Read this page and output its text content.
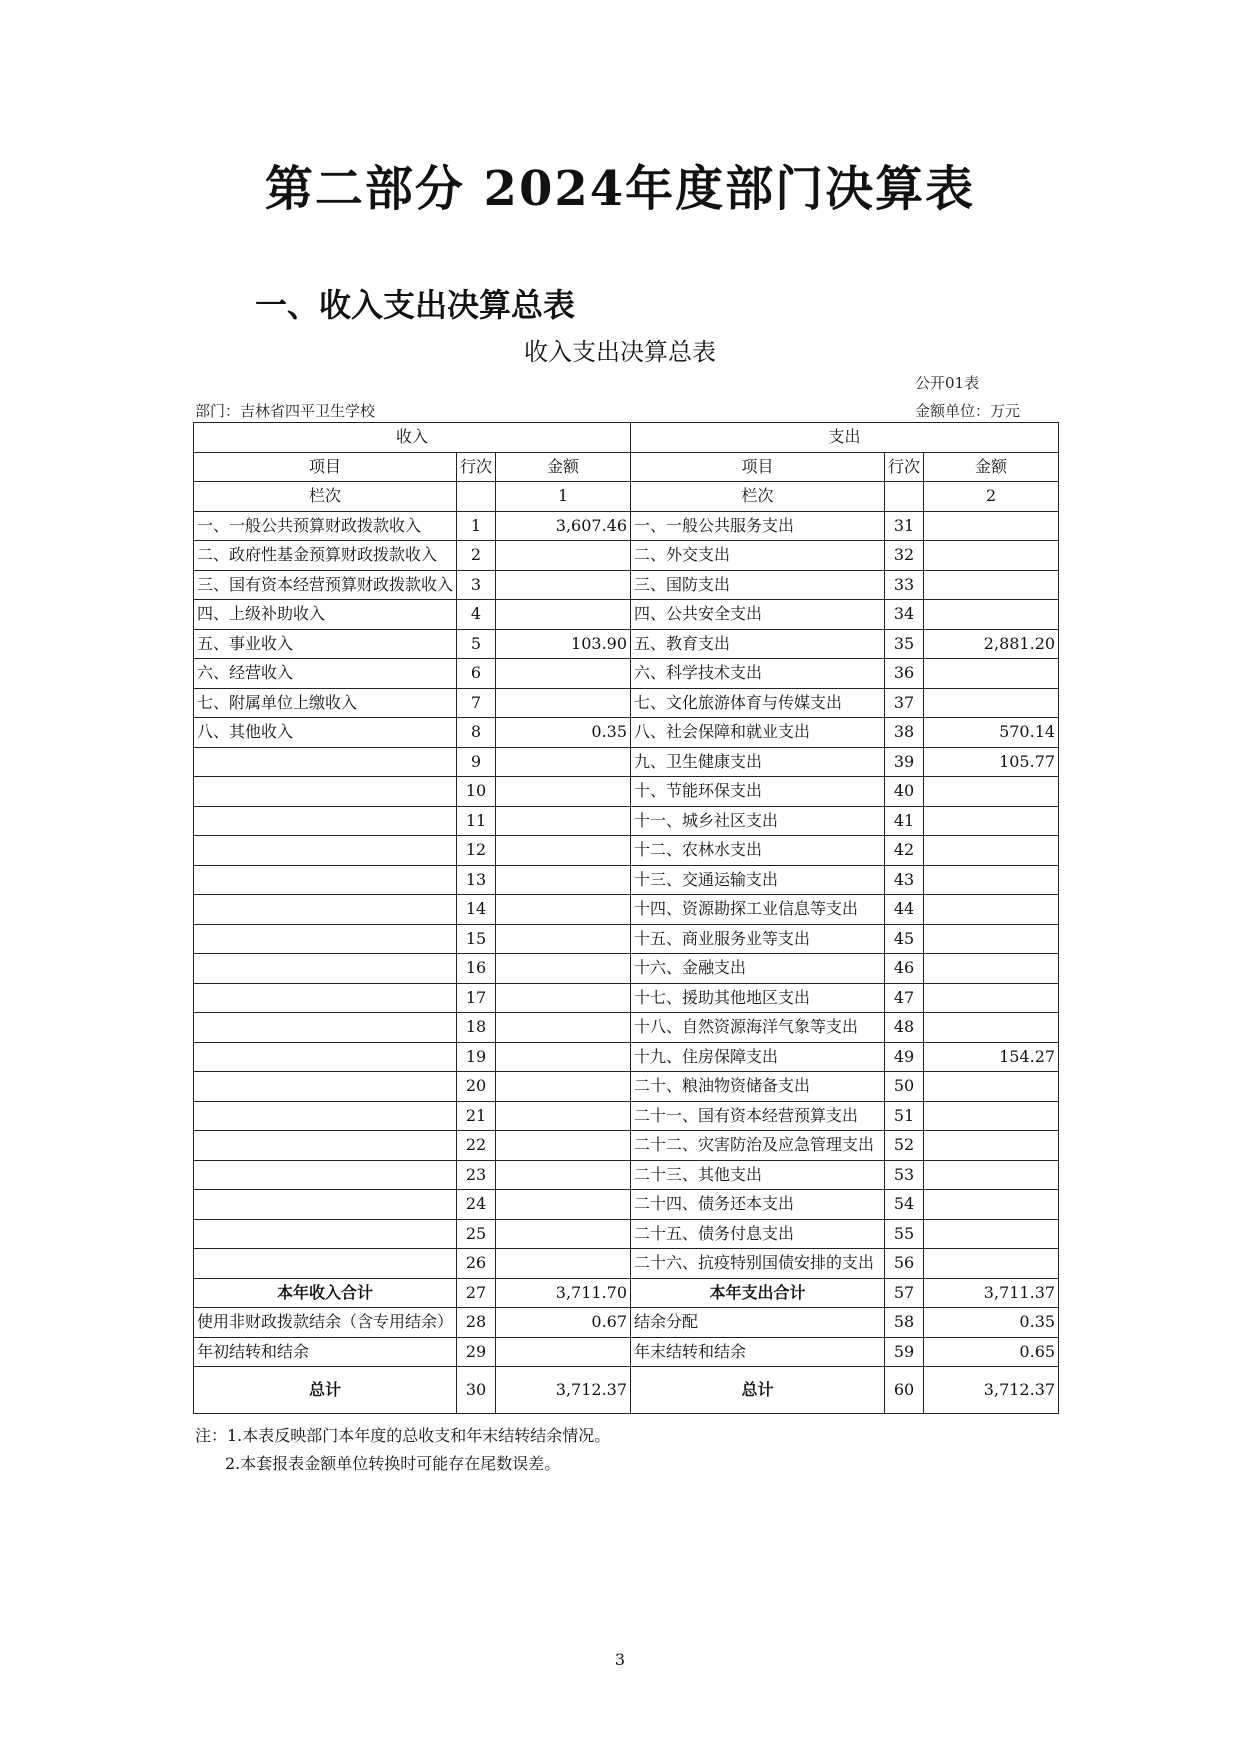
第二部分 2024年度部门决算表
一、收入支出决算总表
收入支出决算总表
公开01表
部门：吉林省四平卫生学校	金额单位：万元
收入			支出		
项目	行次	金额	项目	行次	金额
栏次		1	栏次		2
一、一般公共预算财政拨款收入	1	3,607.46	一、一般公共服务支出	31	
二、政府性基金预算财政拨款收入	2		二、外交支出	32	
三、国有资本经营预算财政拨款收入	3		三、国防支出	33	
四、上级补助收入	4		四、公共安全支出	34	
五、事业收入	5	103.90	五、教育支出	35	2,881.20
六、经营收入	6		六、科学技术支出	36	
七、附属单位上缴收入	7		七、文化旅游体育与传媒支出	37	
八、其他收入	8	0.35	八、社会保障和就业支出	38	570.14
	9		九、卫生健康支出	39	105.77
	10		十、节能环保支出	40	
	11		十一、城乡社区支出	41	
	12		十二、农林水支出	42	
	13		十三、交通运输支出	43	
	14		十四、资源勘探工业信息等支出	44	
	15		十五、商业服务业等支出	45	
	16		十六、金融支出	46	
	17		十七、援助其他地区支出	47	
	18		十八、自然资源海洋气象等支出	48	
	19		十九、住房保障支出	49	154.27
	20		二十、粮油物资储备支出	50	
	21		二十一、国有资本经营预算支出	51	
	22		二十二、灾害防治及应急管理支出	52	
	23		二十三、其他支出	53	
	24		二十四、债务还本支出	54	
	25		二十五、债务付息支出	55	
	26		二十六、抗疫特别国债安排的支出	56	
本年收入合计	27	3,711.70	本年支出合计	57	3,711.37
使用非财政拨款结余（含专用结余）	28	0.67	结余分配	58	0.35
年初结转和结余	29		年末结转和结余	59	0.65
总计	30	3,712.37	总计	60	3,712.37
注：1.本表反映部门本年度的总收支和年末结转结余情况。
2.本套报表金额单位转换时可能存在尾数误差。
3
